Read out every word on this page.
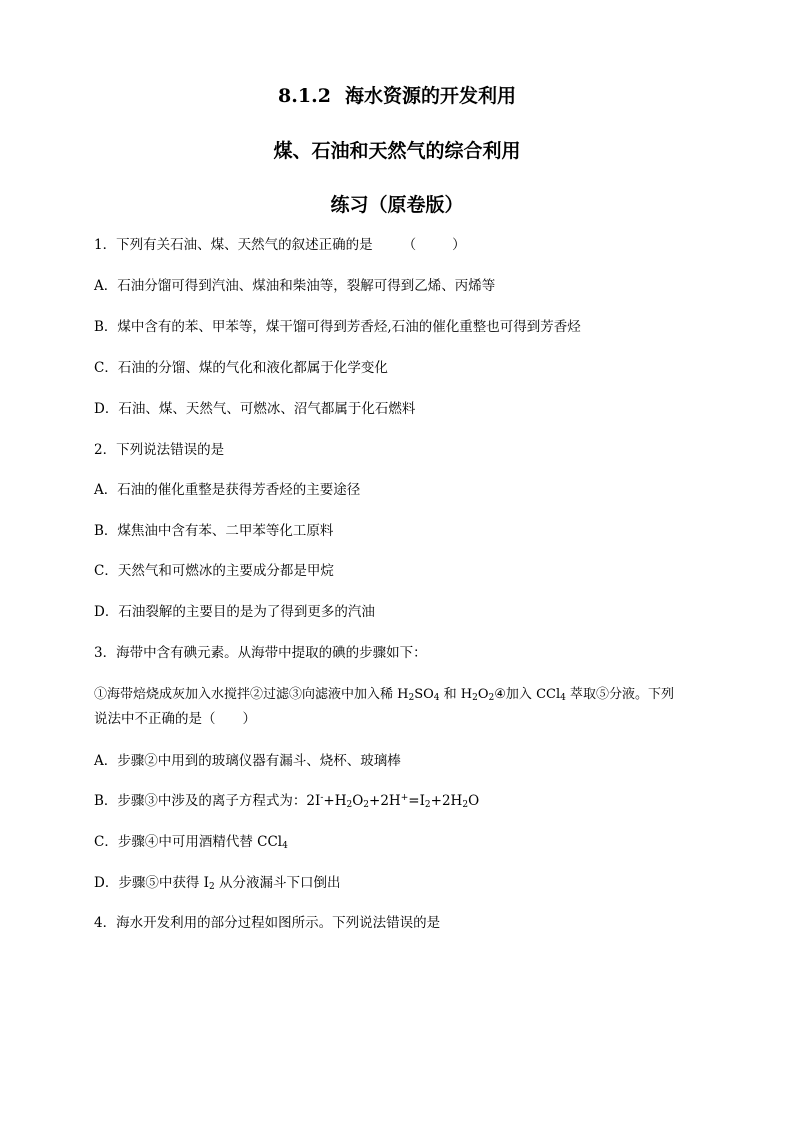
8.1.2 海水资源的开发利用
煤、石油和天然气的综合利用
练习（原卷版）
1．下列有关石油、煤、天然气的叙述正确的是 （	）
A．石油分馏可得到汽油、煤油和柴油等，裂解可得到乙烯、丙烯等
B．煤中含有的苯、甲苯等，煤干馏可得到芳香烃,石油的催化重整也可得到芳香烃
C．石油的分馏、煤的气化和液化都属于化学变化
D．石油、煤、天然气、可燃冰、沼气都属于化石燃料
2．下列说法错误的是
A．石油的催化重整是获得芳香烃的主要途径
B．煤焦油中含有苯、二甲苯等化工原料
C．天然气和可燃冰的主要成分都是甲烷
D．石油裂解的主要目的是为了得到更多的汽油
3．海带中含有碘元素。从海带中提取的碘的步骤如下：
①海带焙烧成灰加入水搅拌②过滤③向滤液中加入稀 $H_2SO_4$ 和 $H_2O_2④$加入 CCl$_4$ 萃取⑤分液。下列
说法中不正确的是（　　）
A．步骤②中用到的玻璃仪器有漏斗、烧杯、玻璃棒
B．步骤③中涉及的离子方程式为：$2I^-+H_2O_2+2H^+=I_2+2H_2O$
C．步骤④中可用酒精代替 CCl$_4$
D．步骤⑤中获得 $I_2$ 从分液漏斗下口倒出
4．海水开发利用的部分过程如图所示。下列说法错误的是
